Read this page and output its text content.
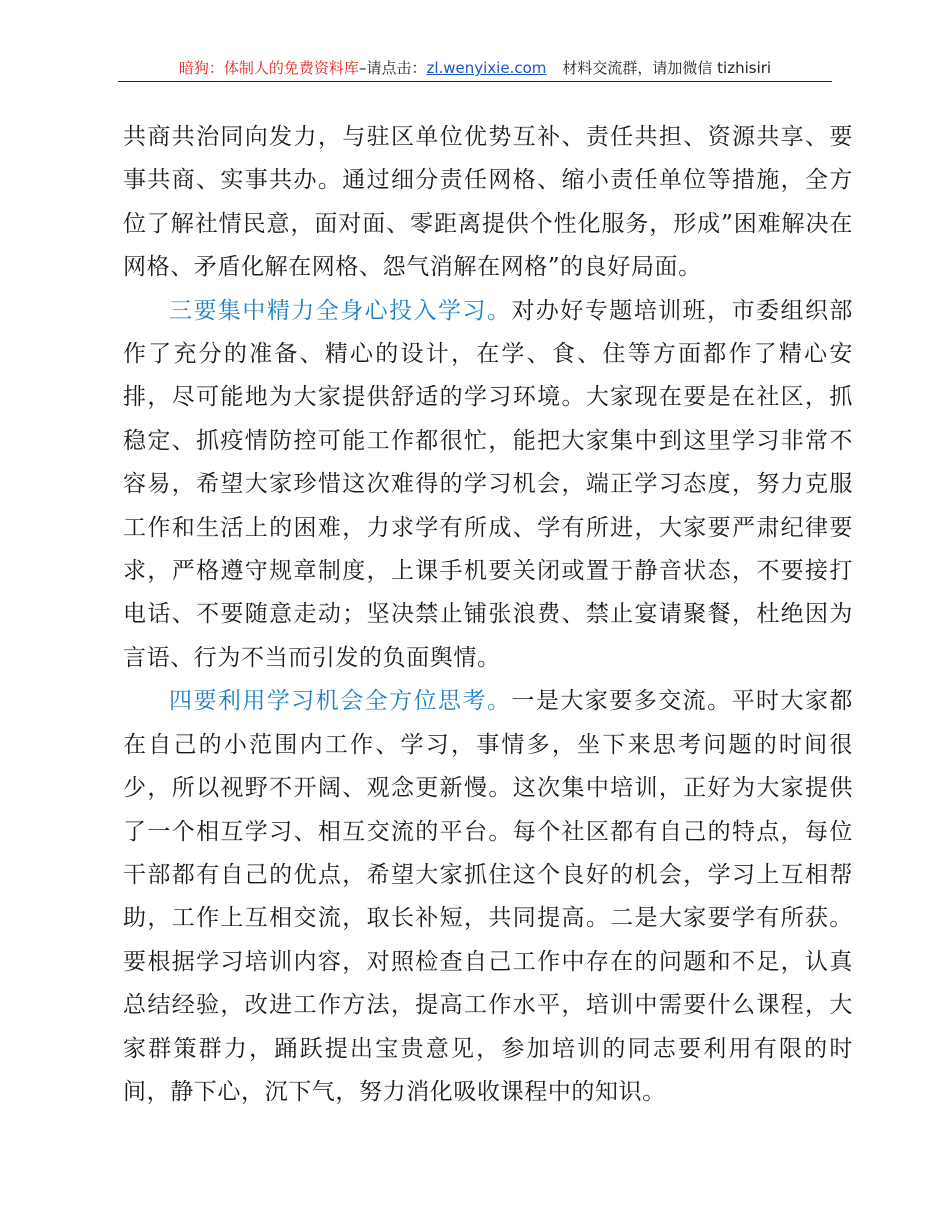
暗狗：体制人的免费资料库–请点击：zl.wenyixie.com 材料交流群，请加微信 tizhisiri

共商共治同向发力，与驻区单位优势互补、责任共担、资源共享、要事共商、实事共办。通过细分责任网格、缩小责任单位等措施，全方位了解社情民意，面对面、零距离提供个性化服务，形成”困难解决在网格、矛盾化解在网格、怨气消解在网格”的良好局面。

三要集中精力全身心投入学习。对办好专题培训班，市委组织部作了充分的准备、精心的设计，在学、食、住等方面都作了精心安排，尽可能地为大家提供舒适的学习环境。大家现在要是在社区，抓稳定、抓疫情防控可能工作都很忙，能把大家集中到这里学习非常不容易，希望大家珍惜这次难得的学习机会，端正学习态度，努力克服工作和生活上的困难，力求学有所成、学有所进，大家要严肃纪律要求，严格遵守规章制度，上课手机要关闭或置于静音状态，不要接打电话、不要随意走动；坚决禁止铺张浪费、禁止宴请聚餐，杜绝因为言语、行为不当而引发的负面舆情。

四要利用学习机会全方位思考。一是大家要多交流。平时大家都在自己的小范围内工作、学习，事情多，坐下来思考问题的时间很少，所以视野不开阔、观念更新慢。这次集中培训，正好为大家提供了一个相互学习、相互交流的平台。每个社区都有自己的特点，每位干部都有自己的优点，希望大家抓住这个良好的机会，学习上互相帮助，工作上互相交流，取长补短，共同提高。二是大家要学有所获。要根据学习培训内容，对照检查自己工作中存在的问题和不足，认真总结经验，改进工作方法，提高工作水平，培训中需要什么课程，大家群策群力，踊跃提出宝贵意见，参加培训的同志要利用有限的时间，静下心，沉下气，努力消化吸收课程中的知识。
